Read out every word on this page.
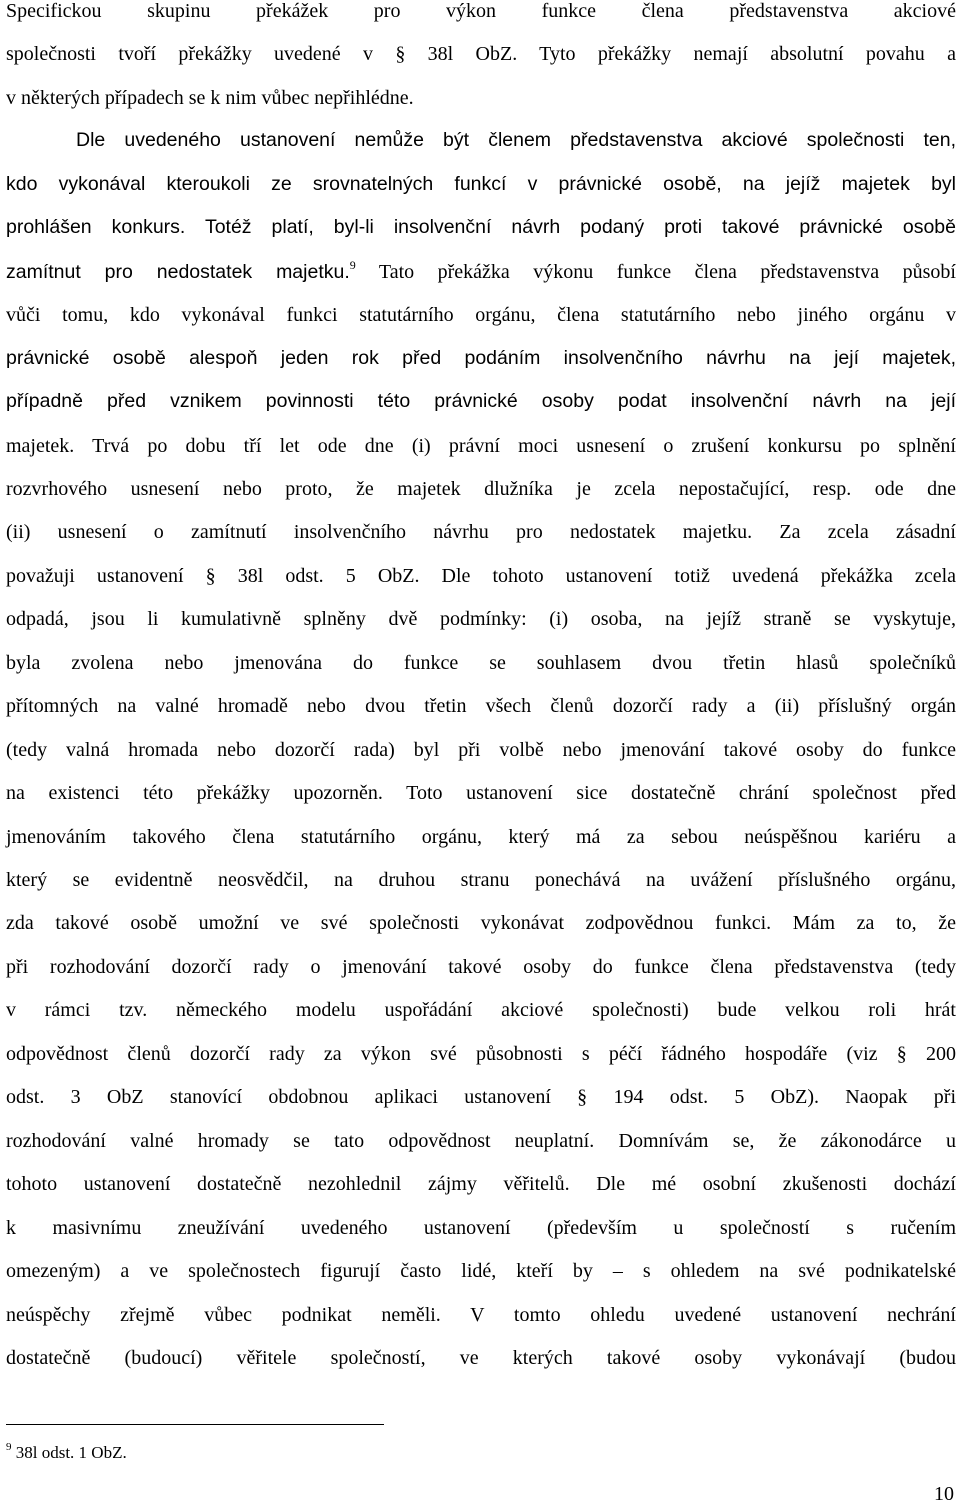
Specifickou skupinu překážek pro výkon funkce člena představenstva akciové

společnosti tvoří překážky uvedené v § 38l ObZ. Tyto překážky nemají absolutní povahu a

v některých případech se k nim vůbec nepřihlédne.

Dle uvedeného ustanovení nemůže být členem představenstva akciové společnosti ten,

kdo vykonával kteroukoli ze srovnatelných funkcí v právnické osobě, na jejíž majetek byl

prohlášen konkurs. Totéž platí, byl-li insolvenční návrh podaný proti takové právnické osobě

zamítnut pro nedostatek majetku.$^9$ Tato překážka výkonu funkce člena představenstva působí

vůči tomu, kdo vykonával funkci statutárního orgánu, člena statutárního nebo jiného orgánu v

právnické osobě alespoň jeden rok před podáním insolvenčního návrhu na její majetek,

případně před vznikem povinnosti této právnické osoby podat insolvenční návrh na její

majetek. Trvá po dobu tří let ode dne (i) právní moci usnesení o zrušení konkursu po splnění

rozvrhového usnesení nebo proto, že majetek dlužníka je zcela nepostačující, resp. ode dne

(ii) usnesení o zamítnutí insolvenčního návrhu pro nedostatek majetku. Za zcela zásadní

považuji ustanovení § 38l odst. 5 ObZ. Dle tohoto ustanovení totiž uvedená překážka zcela

odpadá, jsou li kumulativně splněny dvě podmínky: (i) osoba, na jejíž straně se vyskytuje,

byla zvolena nebo jmenována do funkce se souhlasem dvou třetin hlasů společníků

přítomných na valné hromadě nebo dvou třetin všech členů dozorčí rady a (ii) příslušný orgán

(tedy valná hromada nebo dozorčí rada) byl při volbě nebo jmenování takové osoby do funkce

na existenci této překážky upozorněn. Toto ustanovení sice dostatečně chrání společnost před

jmenováním takového člena statutárního orgánu, který má za sebou neúspěšnou kariéru a

který se evidentně neosvědčil, na druhou stranu ponechává na uvážení příslušného orgánu,

zda takové osobě umožní ve své společnosti vykonávat zodpovědnou funkci. Mám za to, že

při rozhodování dozorčí rady o jmenování takové osoby do funkce člena představenstva (tedy

v rámci tzv. německého modelu uspořádání akciové společnosti) bude velkou roli hrát

odpovědnost členů dozorčí rady za výkon své působnosti s péčí řádného hospodáře (viz § 200

odst. 3 ObZ stanovící obdobnou aplikaci ustanovení § 194 odst. 5 ObZ). Naopak při

rozhodování valné hromady se tato odpovědnost neuplatní. Domnívám se, že zákonodárce u

tohoto ustanovení dostatečně nezohlednil zájmy věřitelů. Dle mé osobní zkušenosti dochází

k masivnímu zneužívání uvedeného ustanovení (především u společností s ručením

omezeným) a ve společnostech figurují často lidé, kteří by – s ohledem na své podnikatelské

neúspěchy zřejmě vůbec podnikat neměli. V tomto ohledu uvedené ustanovení nechrání

dostatečně (budoucí) věřitele společností, ve kterých takové osoby vykonávají (budou

$^9$ 38l odst. 1 ObZ.
10
